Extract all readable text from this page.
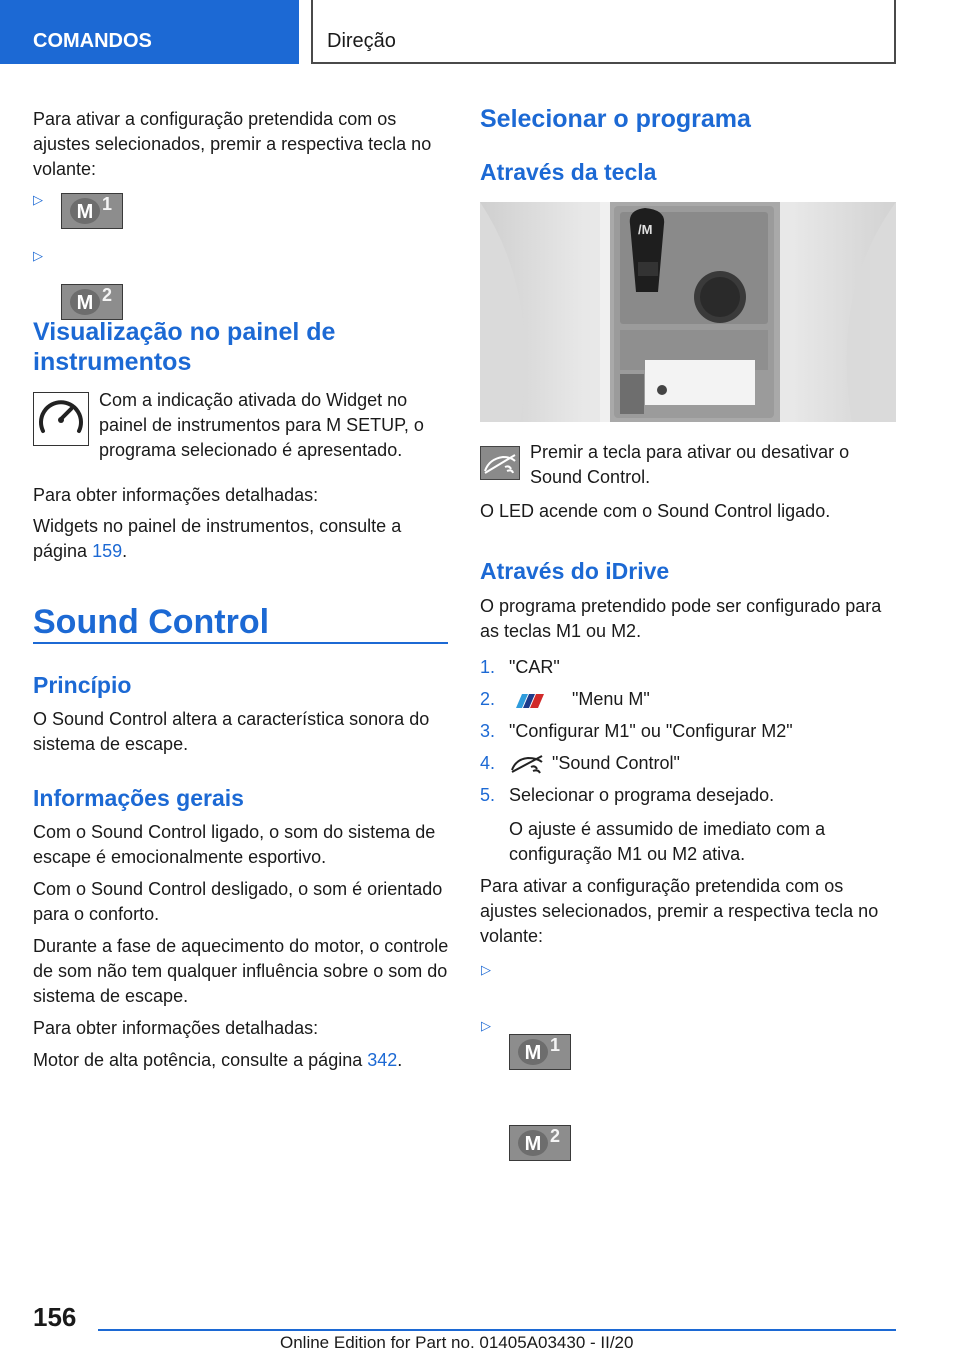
COMANDOS	Direção

Para ativar a configuração pretendida com os ajustes selecionados, premir a respectiva tecla no volante:

▷
M 1
▷
M 2
Visualização no painel de instrumentos

Com a indicação ativada do Widget no painel de instrumentos para M SETUP, o programa selecionado é apresentado.

Para obter informações detalhadas:

Widgets no painel de instrumentos, consulte a página 159.

Sound Control
Princípio

O Sound Control altera a característica sonora do sistema de escape.

Informações gerais

Com o Sound Control ligado, o som do sistema de escape é emocionalmente esportivo.

Com o Sound Control desligado, o som é orientado para o conforto.

Durante a fase de aquecimento do motor, o controle de som não tem qualquer influência sobre o som do sistema de escape.

Para obter informações detalhadas:

Motor de alta potência, consulte a página 342.

Selecionar o programa
Através da tecla
/M

Premir a tecla para ativar ou desativar o Sound Control.

O LED acende com o Sound Control ligado.

Através do iDrive

O programa pretendido pode ser configurado para as teclas M1 ou M2.

1. "CAR"
2.	"Menu M"
3. "Configurar M1" ou "Configurar M2"
4.	"Sound Control"
5. Selecionar o programa desejado.

O ajuste é assumido de imediato com a configuração M1 ou M2 ativa.

Para ativar a configuração pretendida com os ajustes selecionados, premir a respectiva tecla no volante:

▷
M 1
▷
M 2
156
Online Edition for Part no. 01405A03430 - II/20
